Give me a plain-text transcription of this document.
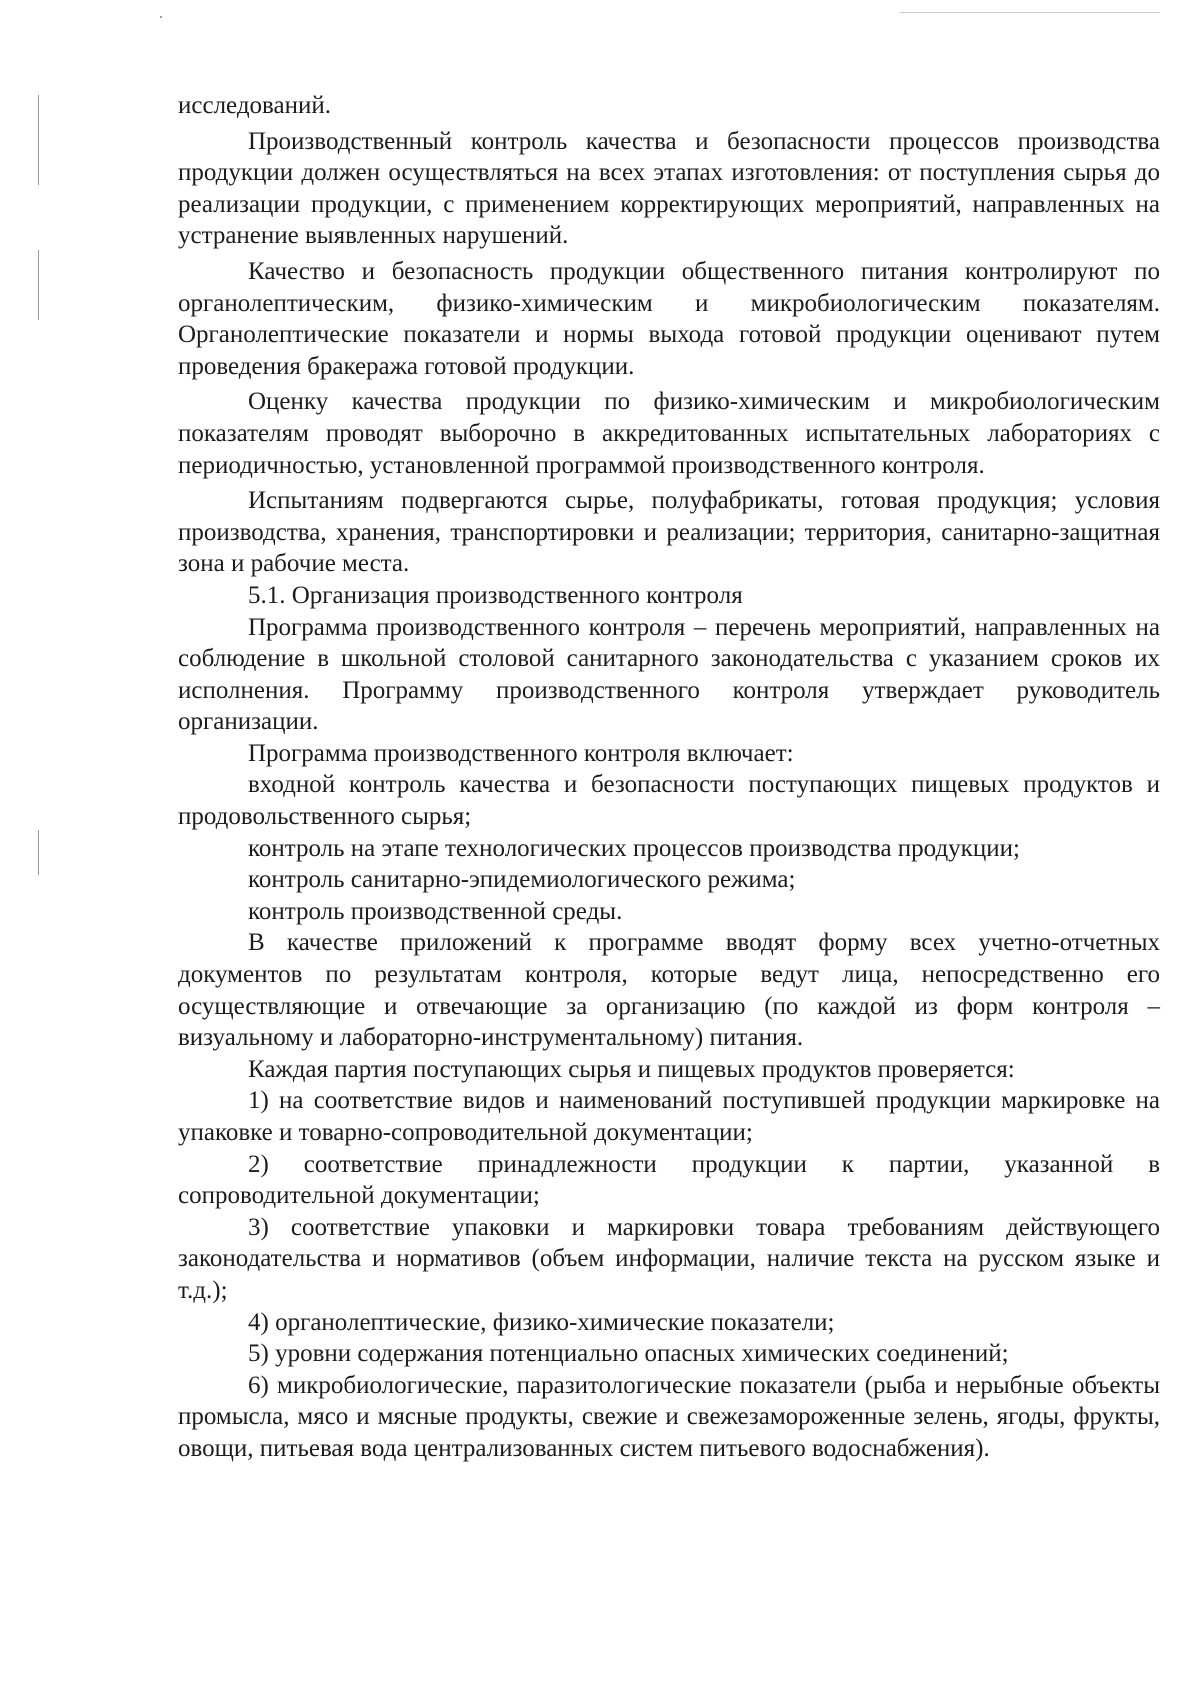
исследований.

Производственный контроль качества и безопасности процессов производства продукции должен осуществляться на всех этапах изготовления: от поступления сырья до реализации продукции, с применением корректирующих мероприятий, направленных на устранение выявленных нарушений.

Качество и безопасность продукции общественного питания контролируют по органолептическим, физико-химическим и микробиологическим показателям. Органолептические показатели и нормы выхода готовой продукции оценивают путем проведения бракеража готовой продукции.

Оценку качества продукции по физико-химическим и микробиологическим показателям проводят выборочно в аккредитованных испытательных лабораториях с периодичностью, установленной программой производственного контроля.

Испытаниям подвергаются сырье, полуфабрикаты, готовая продукция; условия производства, хранения, транспортировки и реализации; территория, санитарно-защитная зона и рабочие места.

5.1. Организация производственного контроля

Программа производственного контроля – перечень мероприятий, направленных на соблюдение в школьной столовой санитарного законодательства с указанием сроков их исполнения. Программу производственного контроля утверждает руководитель организации.

Программа производственного контроля включает:

входной контроль качества и безопасности поступающих пищевых продуктов и продовольственного сырья;

контроль на этапе технологических процессов производства продукции;

контроль санитарно-эпидемиологического режима;

контроль производственной среды.

В качестве приложений к программе вводят форму всех учетно-отчетных документов по результатам контроля, которые ведут лица, непосредственно его осуществляющие и отвечающие за организацию (по каждой из форм контроля – визуальному и лабораторно-инструментальному) питания.

Каждая партия поступающих сырья и пищевых продуктов проверяется:

1) на соответствие видов и наименований поступившей продукции маркировке на упаковке и товарно-сопроводительной документации;

2) соответствие принадлежности продукции к партии, указанной в сопроводительной документации;

3) соответствие упаковки и маркировки товара требованиям действующего законодательства и нормативов (объем информации, наличие текста на русском языке и т.д.);

4) органолептические, физико-химические показатели;

5) уровни содержания потенциально опасных химических соединений;

6) микробиологические, паразитологические показатели (рыба и нерыбные объекты промысла, мясо и мясные продукты, свежие и свежезамороженные зелень, ягоды, фрукты, овощи, питьевая вода централизованных систем питьевого водоснабжения).
